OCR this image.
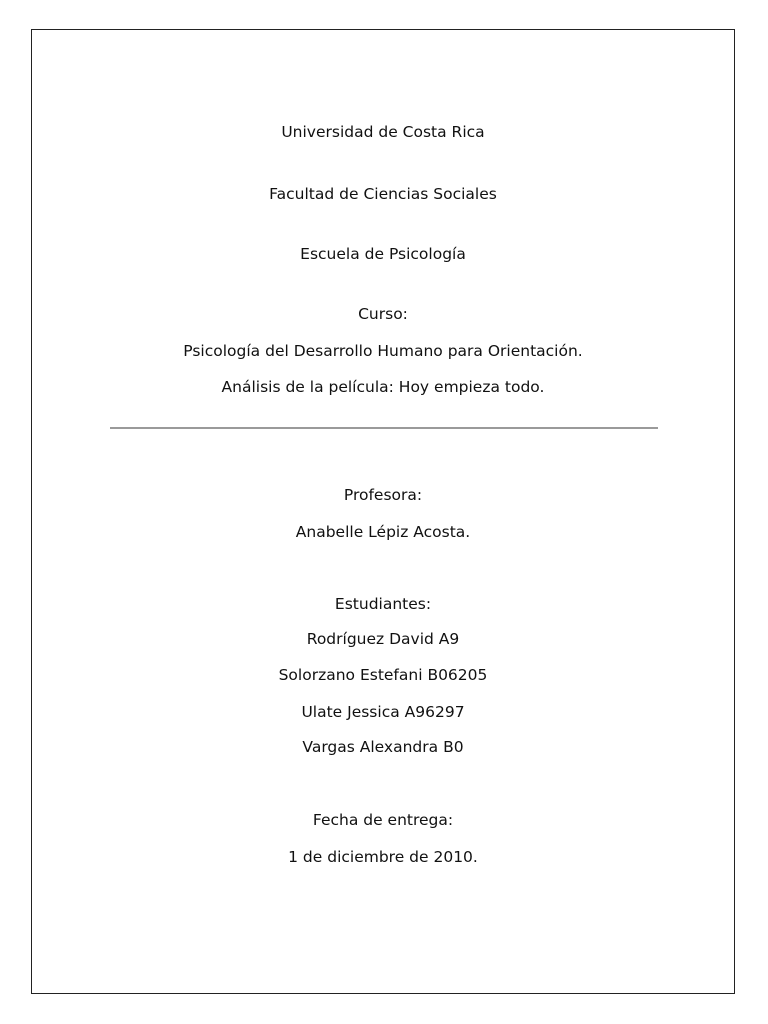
Universidad de Costa Rica
Facultad de Ciencias Sociales
Escuela de Psicología
Curso:
Psicología del Desarrollo Humano para Orientación.
Análisis de la película: Hoy empieza todo.
Profesora:
Anabelle Lépiz Acosta.
Estudiantes:
Rodríguez David A9
Solorzano Estefani B06205
Ulate Jessica A96297
Vargas Alexandra B0
Fecha de entrega:
1 de diciembre de 2010.
